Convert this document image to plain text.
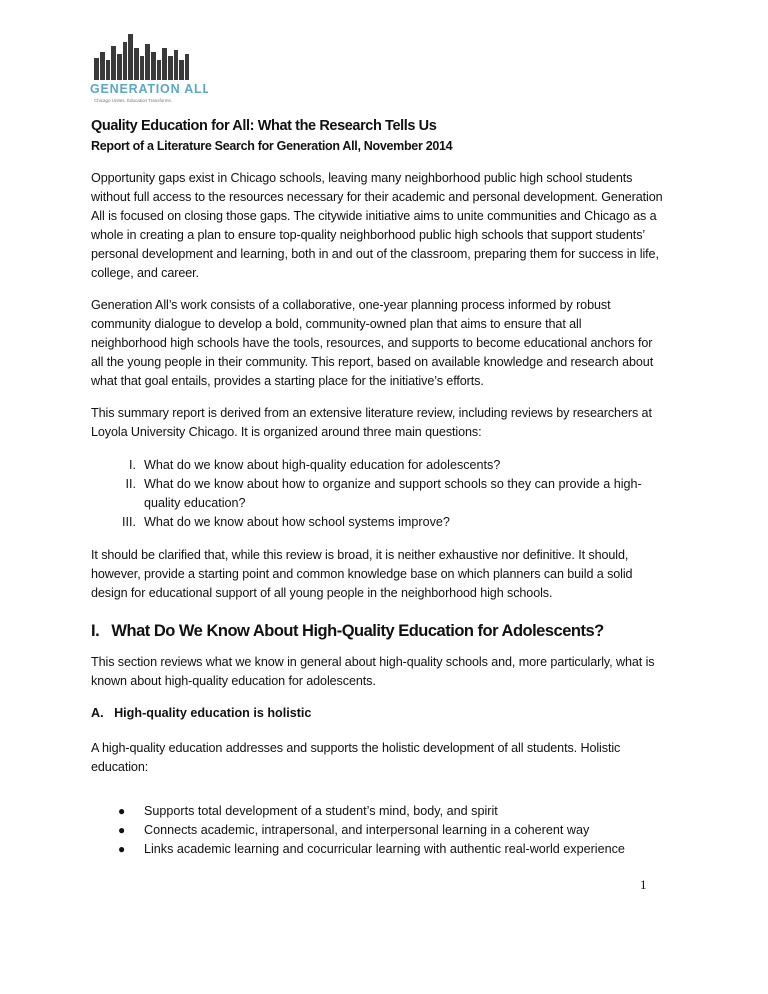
GENERATION ALL
Chicago Unites. Education Transforms.
Quality Education for All: What the Research Tells Us
Report of a Literature Search for Generation All, November 2014
Opportunity gaps exist in Chicago schools, leaving many neighborhood public high school students
without full access to the resources necessary for their academic and personal development. Generation
All is focused on closing those gaps. The citywide initiative aims to unite communities and Chicago as a
whole in creating a plan to ensure top-quality neighborhood public high schools that support students’
personal development and learning, both in and out of the classroom, preparing them for success in life,
college, and career.
Generation All’s work consists of a collaborative, one-year planning process informed by robust
community dialogue to develop a bold, community-owned plan that aims to ensure that all
neighborhood high schools have the tools, resources, and supports to become educational anchors for
all the young people in their community. This report, based on available knowledge and research about
what that goal entails, provides a starting place for the initiative’s efforts.
This summary report is derived from an extensive literature review, including reviews by researchers at
Loyola University Chicago. It is organized around three main questions:
I. What do we know about high-quality education for adolescents?
II. What do we know about how to organize and support schools so they can provide a high-
quality education?
III. What do we know about how school systems improve?
It should be clarified that, while this review is broad, it is neither exhaustive nor definitive. It should,
however, provide a starting point and common knowledge base on which planners can build a solid
design for educational support of all young people in the neighborhood high schools.
I.   What Do We Know About High-Quality Education for Adolescents?
This section reviews what we know in general about high-quality schools and, more particularly, what is
known about high-quality education for adolescents.
A.   High-quality education is holistic
A high-quality education addresses and supports the holistic development of all students. Holistic
education:
● Supports total development of a student’s mind, body, and spirit
● Connects academic, intrapersonal, and interpersonal learning in a coherent way
● Links academic learning and cocurricular learning with authentic real-world experience
1
